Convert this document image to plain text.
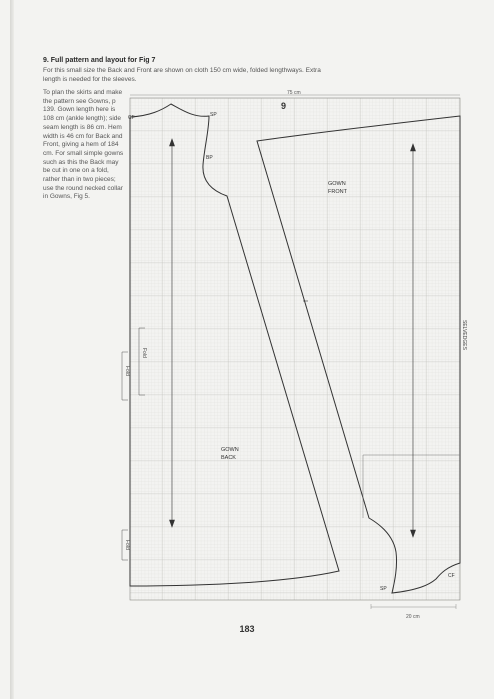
9. Full pattern and layout for Fig 7

For this small size the Back and Front are shown on cloth 150 cm wide, folded lengthways. Extra length is needed for the sleeves.

To plan the skirts and make the pattern see Gowns, p 139. Gown length here is 108 cm (ankle length); side seam length is 86 cm. Hem width is 46 cm for Back and Front, giving a hem of 184 cm. For small simple gowns such as this the Back may be cut in one on a fold, rather than in two pieces; use the round necked collar in Gowns, Fig 5.

75 cm
9
GOWN
FRONT
GOWN
BACK
CF	SP
BP
SP
CF
Fold
Fold
Fold
SELVEDGES
20 cm

183
